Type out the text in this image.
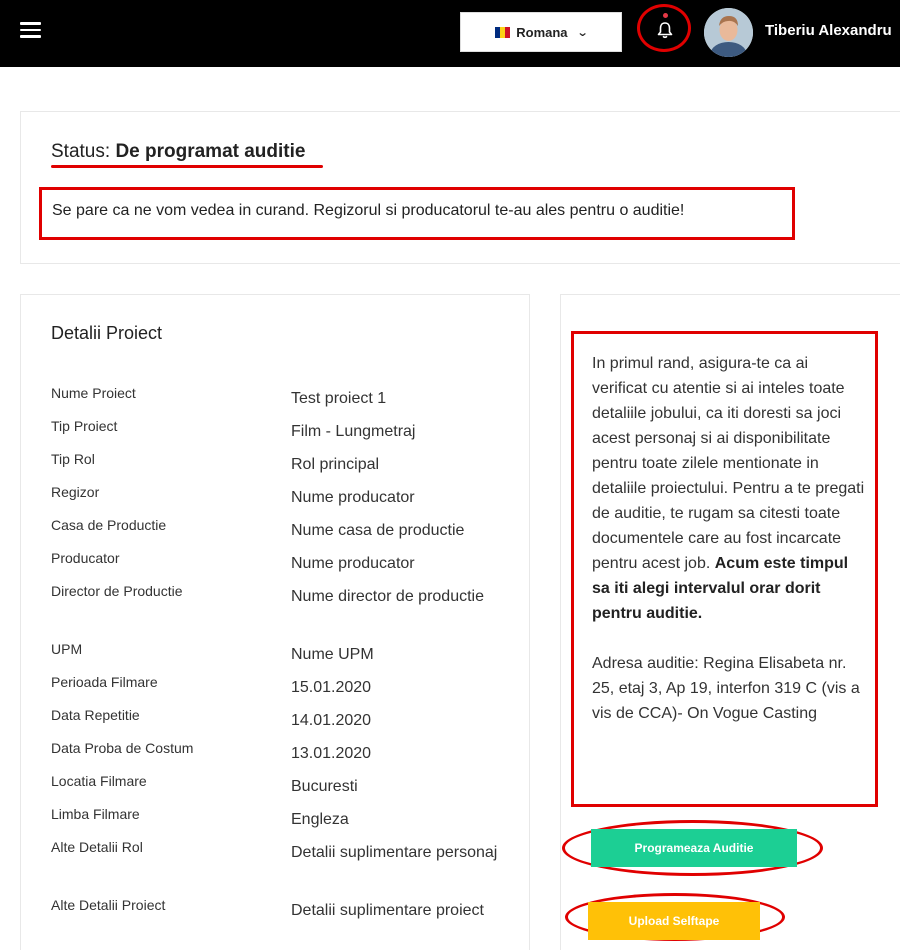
Romana ⌄	Tiberiu Alexandru
Status: De programat auditie
Se pare ca ne vom vedea in curand. Regizorul si producatorul te-au ales pentru o auditie!
Detalii Proiect
Nume Proiect	Test proiect 1
Tip Proiect	Film - Lungmetraj
Tip Rol	Rol principal
Regizor	Nume producator
Casa de Productie	Nume casa de productie
Producator	Nume producator
Director de Productie	Nume director de productie
UPM	Nume UPM
Perioada Filmare	15.01.2020
Data Repetitie	14.01.2020
Data Proba de Costum	13.01.2020
Locatia Filmare	Bucuresti
Limba Filmare	Engleza
Alte Detalii Rol	Detalii suplimentare personaj
Alte Detalii Proiect	Detalii suplimentare proiect

In primul rand, asigura-te ca ai verificat cu atentie si ai inteles toate detaliile jobului, ca iti doresti sa joci acest personaj si ai disponibilitate pentru toate zilele mentionate in detaliile proiectului. Pentru a te pregati de auditie, te rugam sa citesti toate documentele care au fost incarcate pentru acest job. Acum este timpul sa iti alegi intervalul orar dorit pentru auditie.

Adresa auditie: Regina Elisabeta nr. 25, etaj 3, Ap 19, interfon 319 C (vis a vis de CCA)- On Vogue Casting

Programeaza Auditie
Upload Selftape
